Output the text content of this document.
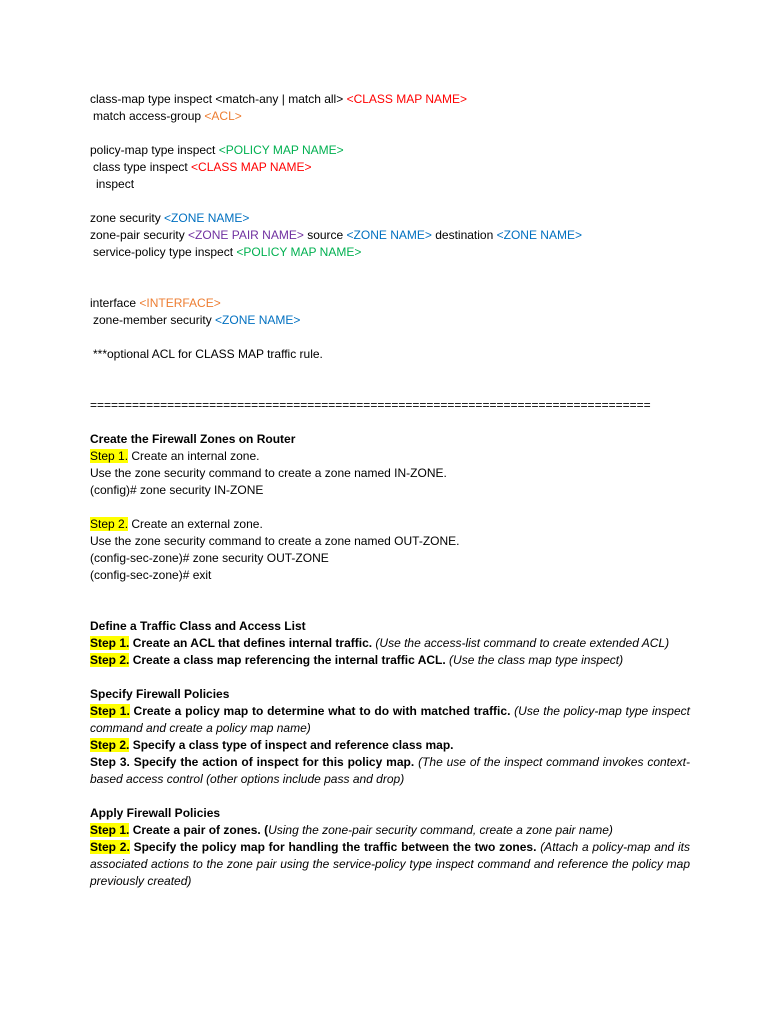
class-map type inspect <match-any | match all> <CLASS MAP NAME>
match access-group <ACL>
policy-map type inspect <POLICY MAP NAME>
class type inspect <CLASS MAP NAME>
inspect
zone security <ZONE NAME>
zone-pair security <ZONE PAIR NAME> source <ZONE NAME> destination <ZONE NAME>
service-policy type inspect <POLICY MAP NAME>
interface <INTERFACE>
zone-member security <ZONE NAME>
***optional ACL for CLASS MAP traffic rule.
================================================================================
Create the Firewall Zones on Router
Step 1. Create an internal zone.
Use the zone security command to create a zone named IN-ZONE.
(config)# zone security IN-ZONE
Step 2. Create an external zone.
Use the zone security command to create a zone named OUT-ZONE.
(config-sec-zone)# zone security OUT-ZONE
(config-sec-zone)# exit
Define a Traffic Class and Access List
Step 1. Create an ACL that defines internal traffic. (Use the access-list command to create extended ACL)
Step 2. Create a class map referencing the internal traffic ACL. (Use the class map type inspect)
Specify Firewall Policies
Step 1. Create a policy map to determine what to do with matched traffic. (Use the policy-map type inspect command and create a policy map name)
Step 2. Specify a class type of inspect and reference class map.
Step 3. Specify the action of inspect for this policy map. (The use of the inspect command invokes context-based access control (other options include pass and drop)
Apply Firewall Policies
Step 1. Create a pair of zones. (Using the zone-pair security command, create a zone pair name)
Step 2. Specify the policy map for handling the traffic between the two zones. (Attach a policy-map and its associated actions to the zone pair using the service-policy type inspect command and reference the policy map previously created)
